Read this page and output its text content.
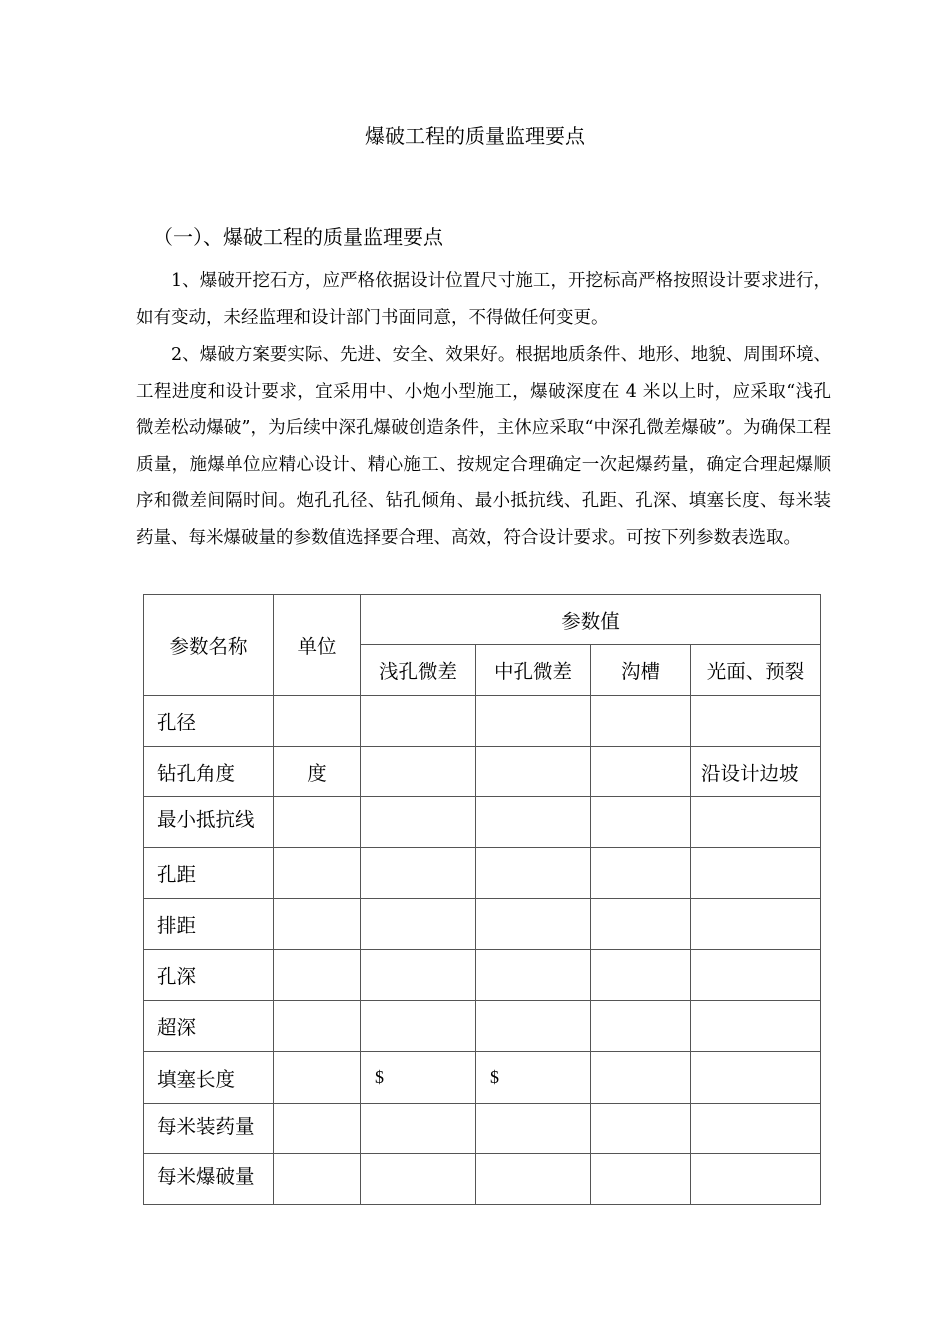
爆破工程的质量监理要点
（一）、爆破工程的质量监理要点

1、爆破开挖石方，应严格依据设计位置尺寸施工，开挖标高严格按照设计要求进行，如有变动，未经监理和设计部门书面同意，不得做任何变更。

2、爆破方案要实际、先进、安全、效果好。根据地质条件、地形、地貌、周围环境、工程进度和设计要求，宜采用中、小炮小型施工，爆破深度在 4 米以上时，应采取“浅孔微差松动爆破”，为后续中深孔爆破创造条件，主休应采取“中深孔微差爆破”。为确保工程质量，施爆单位应精心设计、精心施工、按规定合理确定一次起爆药量，确定合理起爆顺序和微差间隔时间。炮孔孔径、钻孔倾角、最小抵抗线、孔距、孔深、填塞长度、每米装药量、每米爆破量的参数值选择要合理、高效，符合设计要求。可按下列参数表选取。

参数名称	单位	参数值			
		浅孔微差	中孔微差	沟槽	光面、预裂
孔径					
钻孔角度	度				沿设计边坡
最小抵抗线					
孔距					
排距					
孔深					
超深					
填塞长度		$	$		
每米装药量					
每米爆破量					
